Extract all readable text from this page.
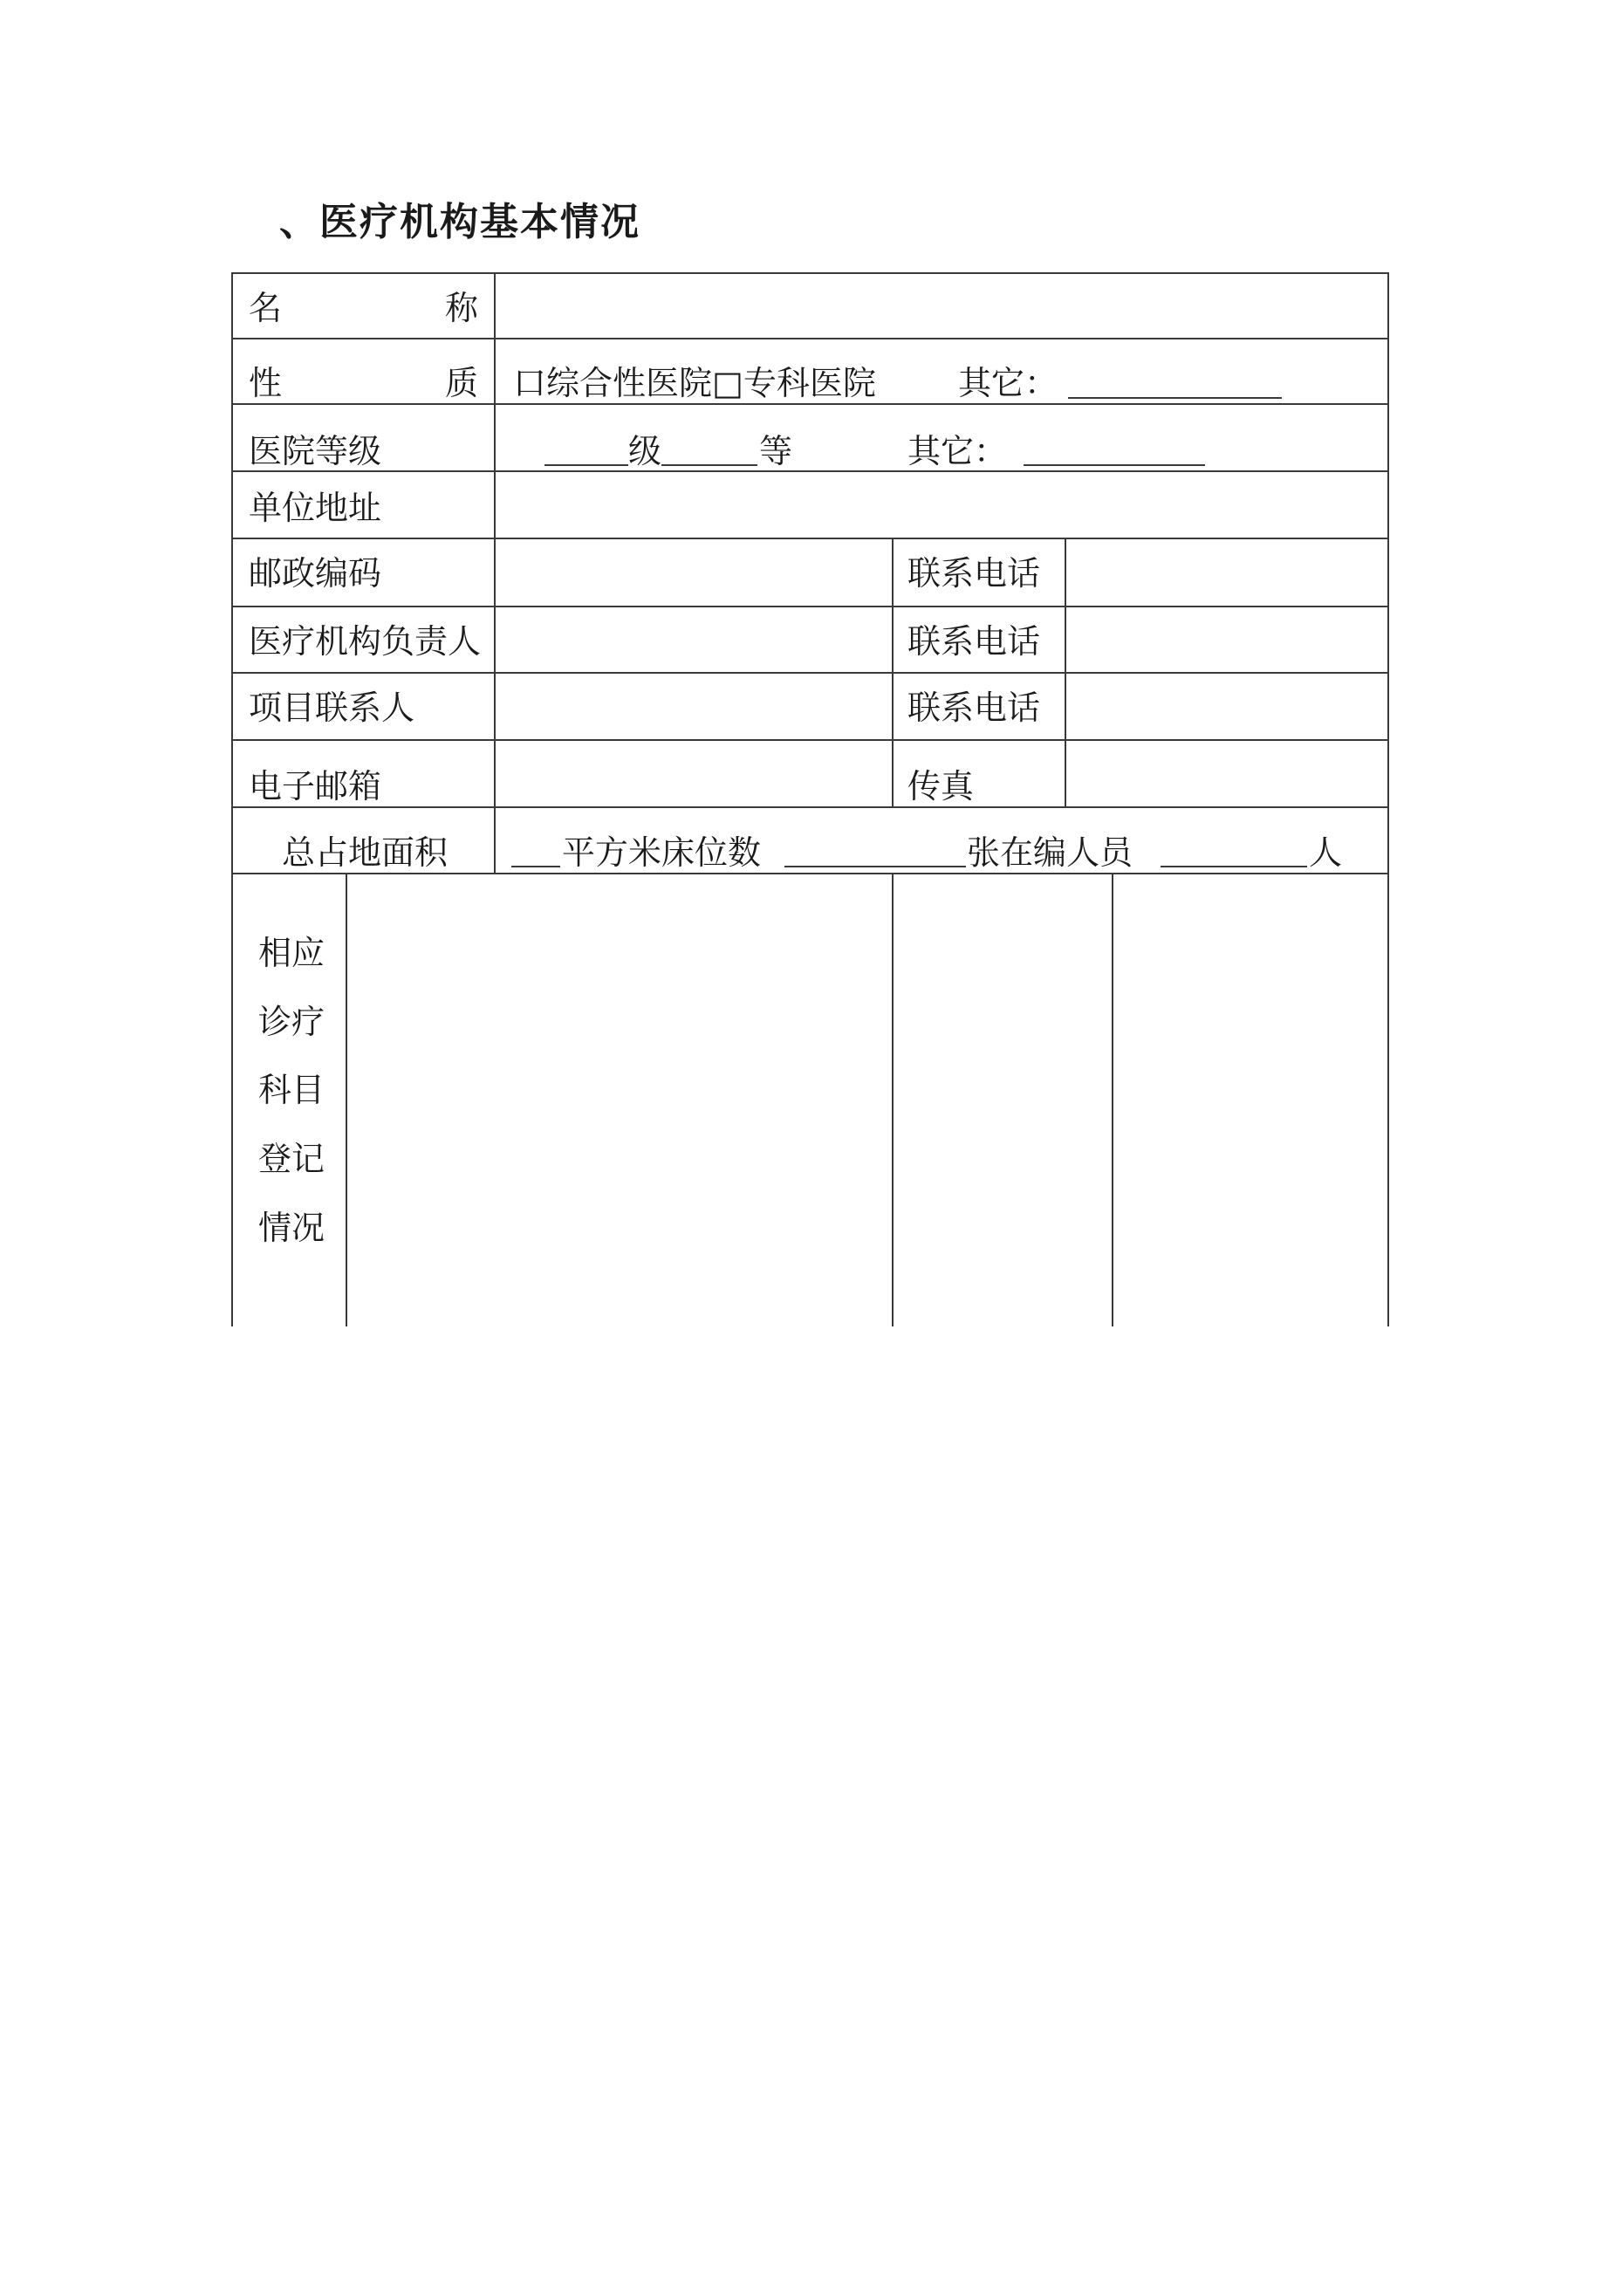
、医疗机构基本情况
名	称
性	质 口综合性医院□专科医院 其它：
医院等级	级	等	其它：
单位地址
邮政编码	联系电话
医疗机构负责人	联系电话
项目联系人	联系电话
电子邮箱	传真
总占地面积	平方米床位数	张在编人员	人
相应
诊疗
科目
登记
情况
